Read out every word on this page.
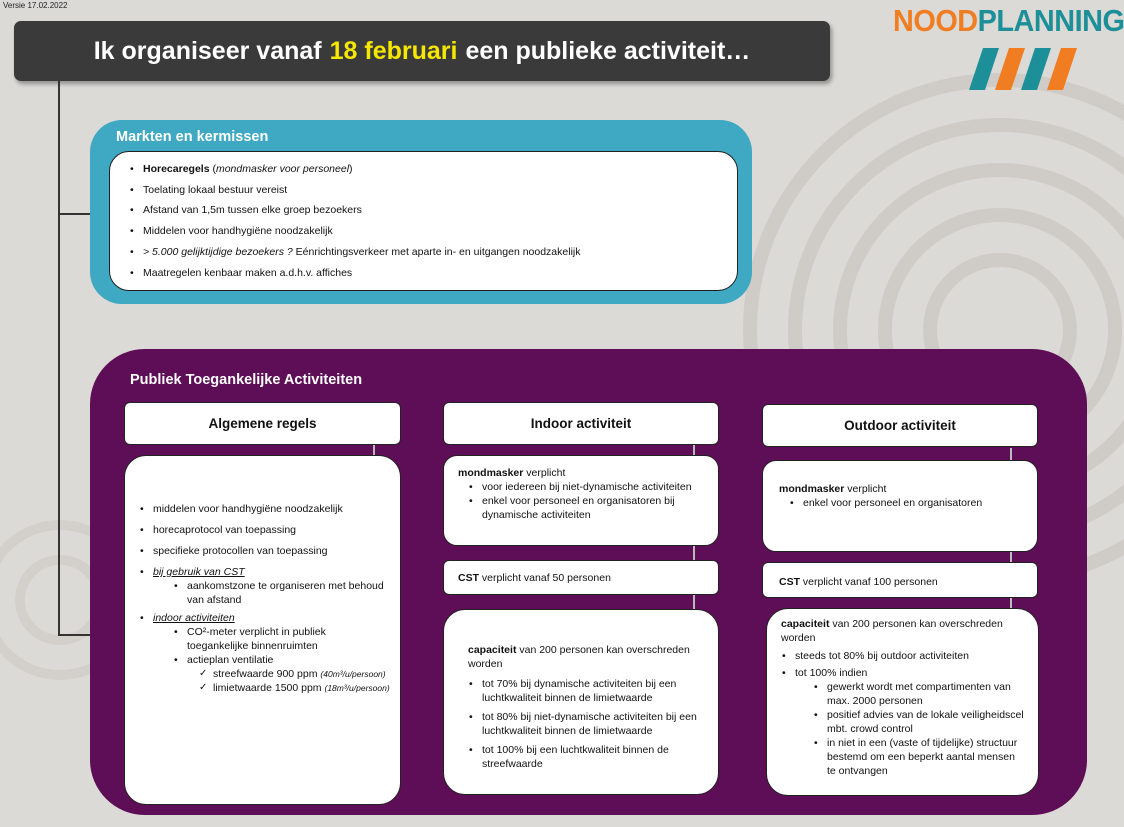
Versie 17.02.2022
Ik organiseer vanaf 18 februari een publieke activiteit…
NOODPLANNING
Markten en kermissen
• Horecaregels (mondmasker voor personeel)
• Toelating lokaal bestuur vereist
• Afstand van 1,5m tussen elke groep bezoekers
• Middelen voor handhygiëne noodzakelijk
• > 5.000 gelijktijdige bezoekers ? Eénrichtingsverkeer met aparte in- en uitgangen noodzakelijk
• Maatregelen kenbaar maken a.d.h.v. affiches
Publiek Toegankelijke Activiteiten
Algemene regels
• middelen voor handhygiëne noodzakelijk
• horecaprotocol van toepassing
• specifieke protocollen van toepassing
• bij gebruik van CST
• aankomstzone te organiseren met behoud van afstand
• indoor activiteiten
• CO²-meter verplicht in publiek toegankelijke binnenruimten
• actieplan ventilatie
✓ streefwaarde 900 ppm (40m³/u/persoon)
✓ limietwaarde 1500 ppm (18m³/u/persoon)
Indoor activiteit
mondmasker verplicht
• voor iedereen bij niet-dynamische activiteiten
• enkel voor personeel en organisatoren bij dynamische activiteiten
CST verplicht vanaf 50 personen
capaciteit van 200 personen kan overschreden worden
• tot 70% bij dynamische activiteiten bij een luchtkwaliteit binnen de limietwaarde
• tot 80% bij niet-dynamische activiteiten bij een luchtkwaliteit binnen de limietwaarde
• tot 100% bij een luchtkwaliteit binnen de streefwaarde
Outdoor activiteit
mondmasker verplicht
• enkel voor personeel en organisatoren
CST verplicht vanaf 100 personen
capaciteit van 200 personen kan overschreden worden
• steeds tot 80% bij outdoor activiteiten
• tot 100% indien
• gewerkt wordt met compartimenten van max. 2000 personen
• positief advies van de lokale veiligheidscel mbt. crowd control
• in niet in een (vaste of tijdelijke) structuur bestemd om een beperkt aantal mensen te ontvangen
